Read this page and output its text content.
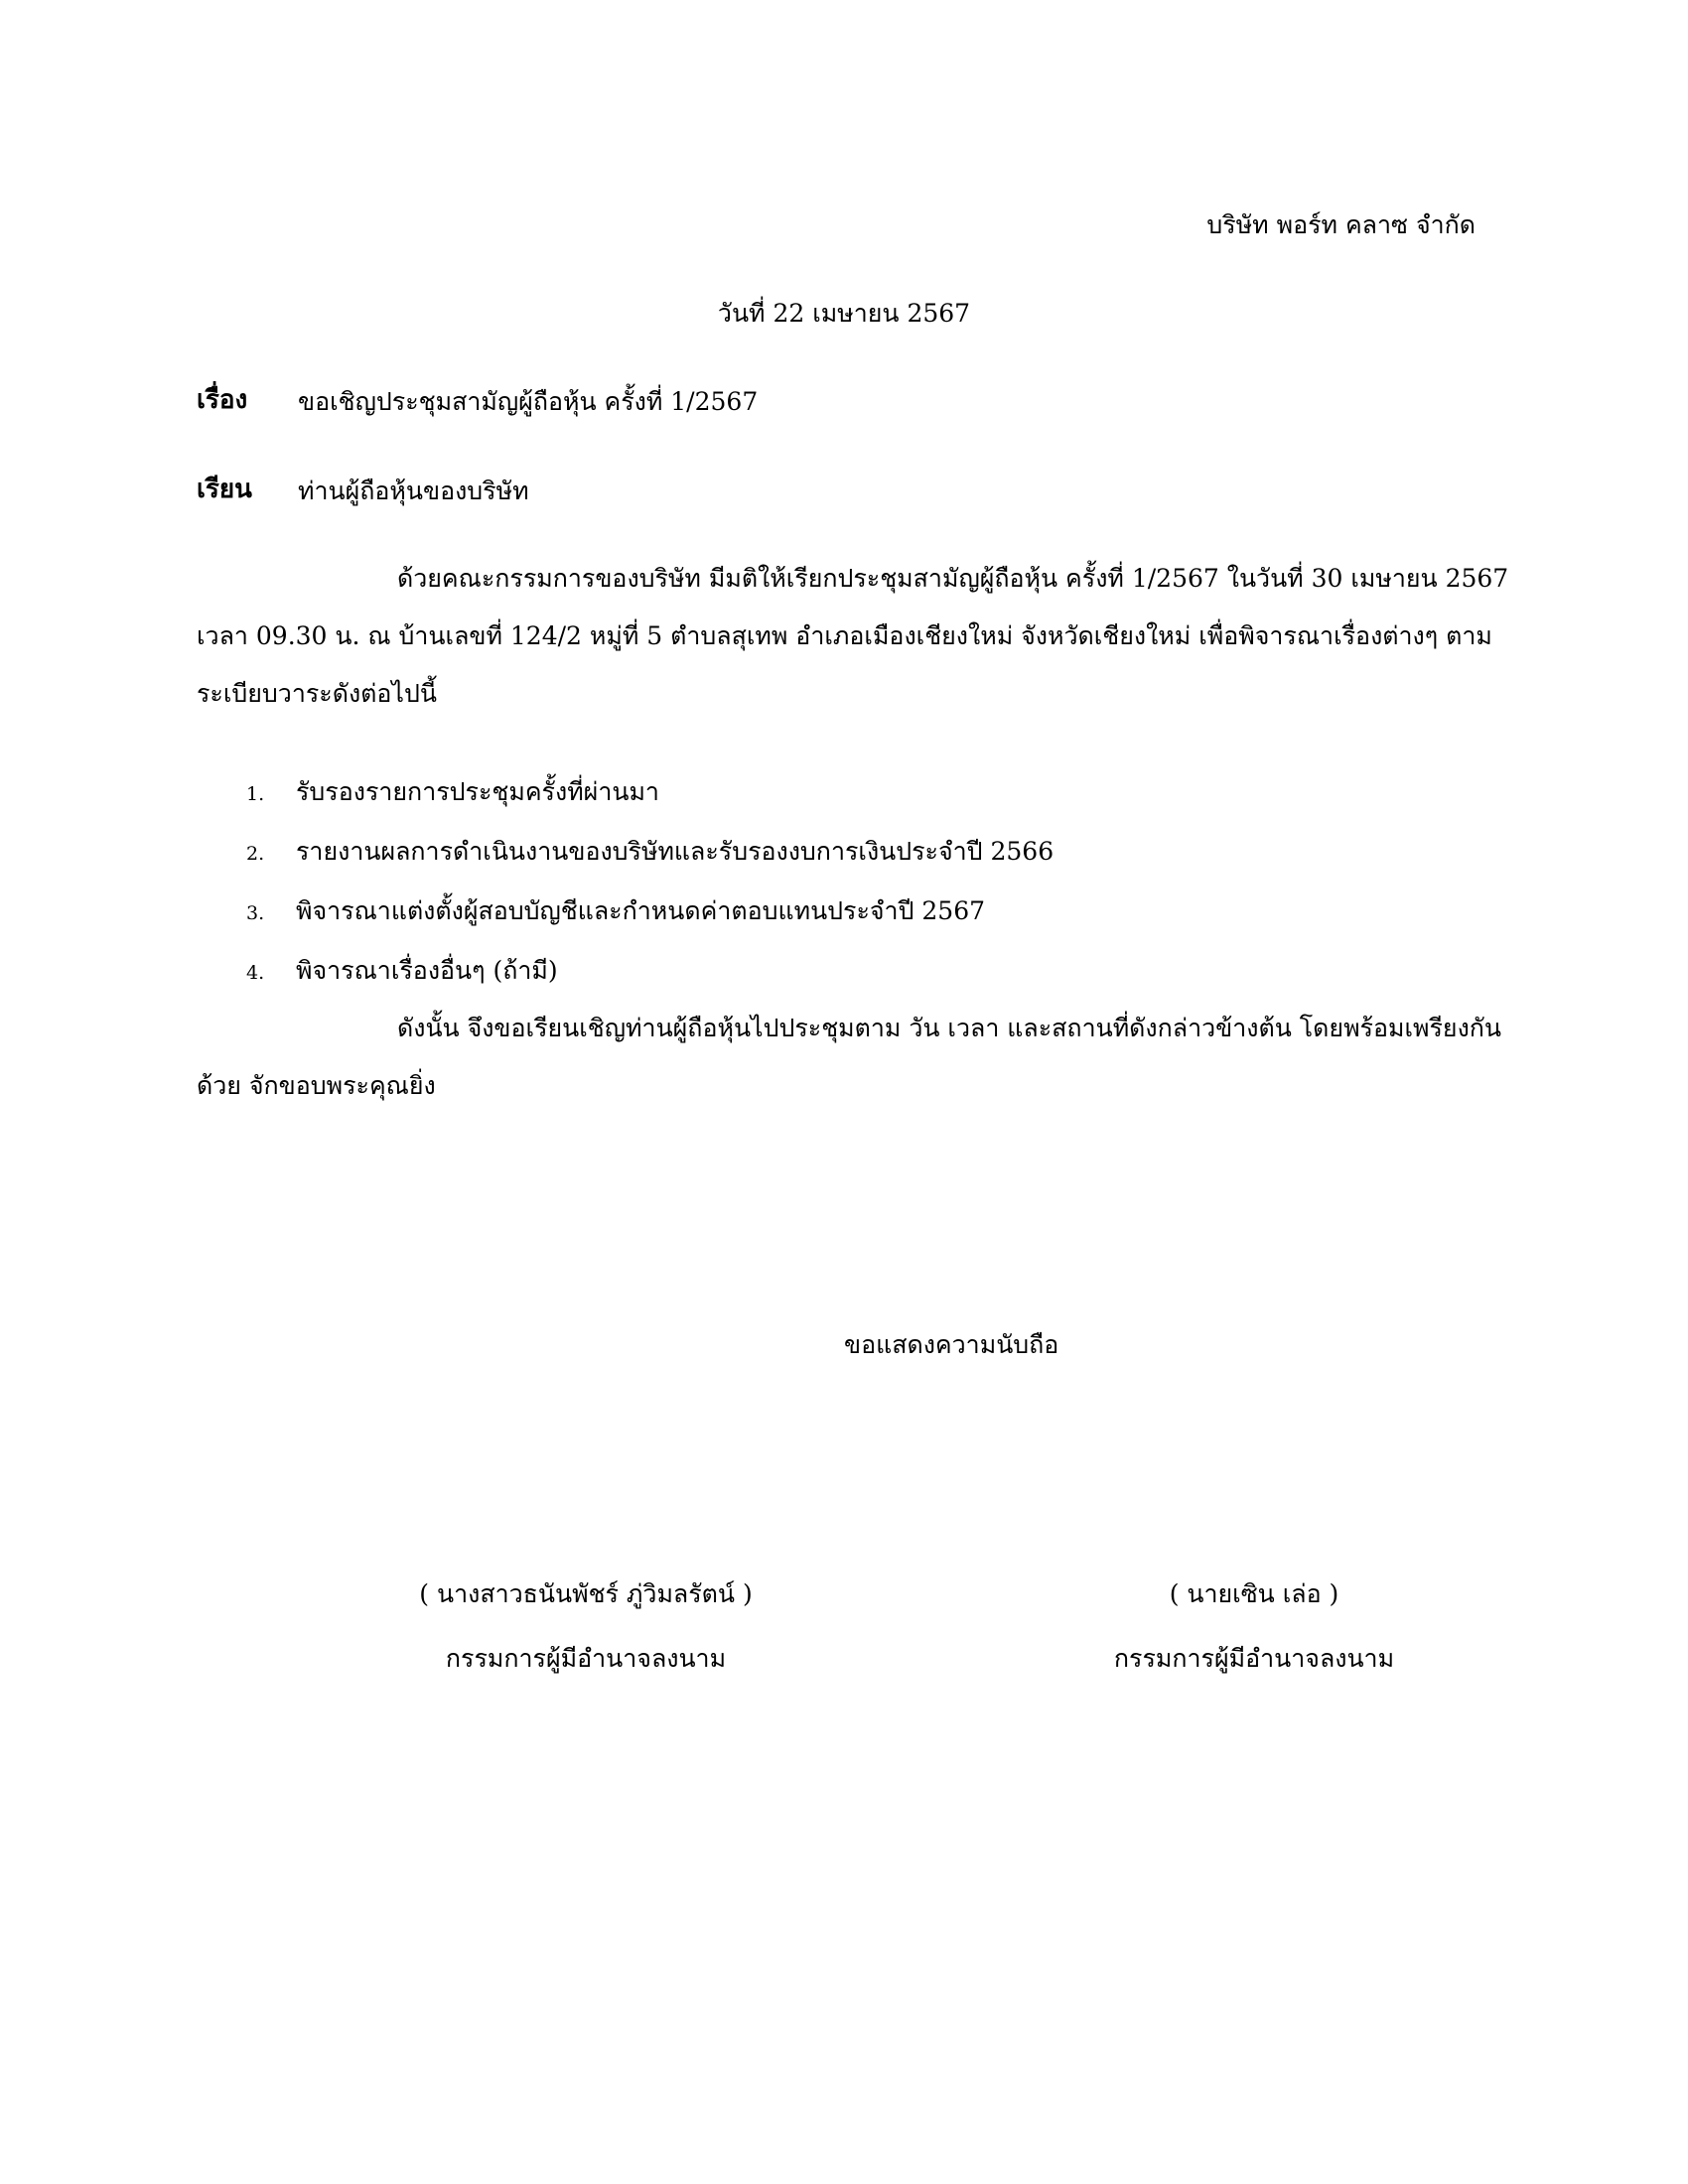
บริษัท พอร์ท คลาซ จำกัด
วันที่ 22 เมษายน 2567
เรื่อง ขอเชิญประชุมสามัญผู้ถือหุ้น ครั้งที่ 1/2567
เรียน ท่านผู้ถือหุ้นของบริษัท
ด้วยคณะกรรมการของบริษัท มีมติให้เรียกประชุมสามัญผู้ถือหุ้น ครั้งที่ 1/2567 ในวันที่ 30 เมษายน 2567
เวลา 09.30 น. ณ บ้านเลขที่ 124/2 หมู่ที่ 5 ตำบลสุเทพ อำเภอเมืองเชียงใหม่ จังหวัดเชียงใหม่ เพื่อพิจารณาเรื่องต่างๆ ตาม
ระเบียบวาระดังต่อไปนี้
1. รับรองรายการประชุมครั้งที่ผ่านมา
2. รายงานผลการดำเนินงานของบริษัทและรับรองงบการเงินประจำปี 2566
3. พิจารณาแต่งตั้งผู้สอบบัญชีและกำหนดค่าตอบแทนประจำปี 2567
4. พิจารณาเรื่องอื่นๆ (ถ้ามี)
ดังนั้น จึงขอเรียนเชิญท่านผู้ถือหุ้นไปประชุมตาม วัน เวลา และสถานที่ดังกล่าวข้างต้น โดยพร้อมเพรียงกัน
ด้วย จักขอบพระคุณยิ่ง
ขอแสดงความนับถือ
( นางสาวธนันพัชร์ ภู่วิมลรัตน์ )
กรรมการผู้มีอำนาจลงนาม
( นายเซิน เล่อ )
กรรมการผู้มีอำนาจลงนาม
